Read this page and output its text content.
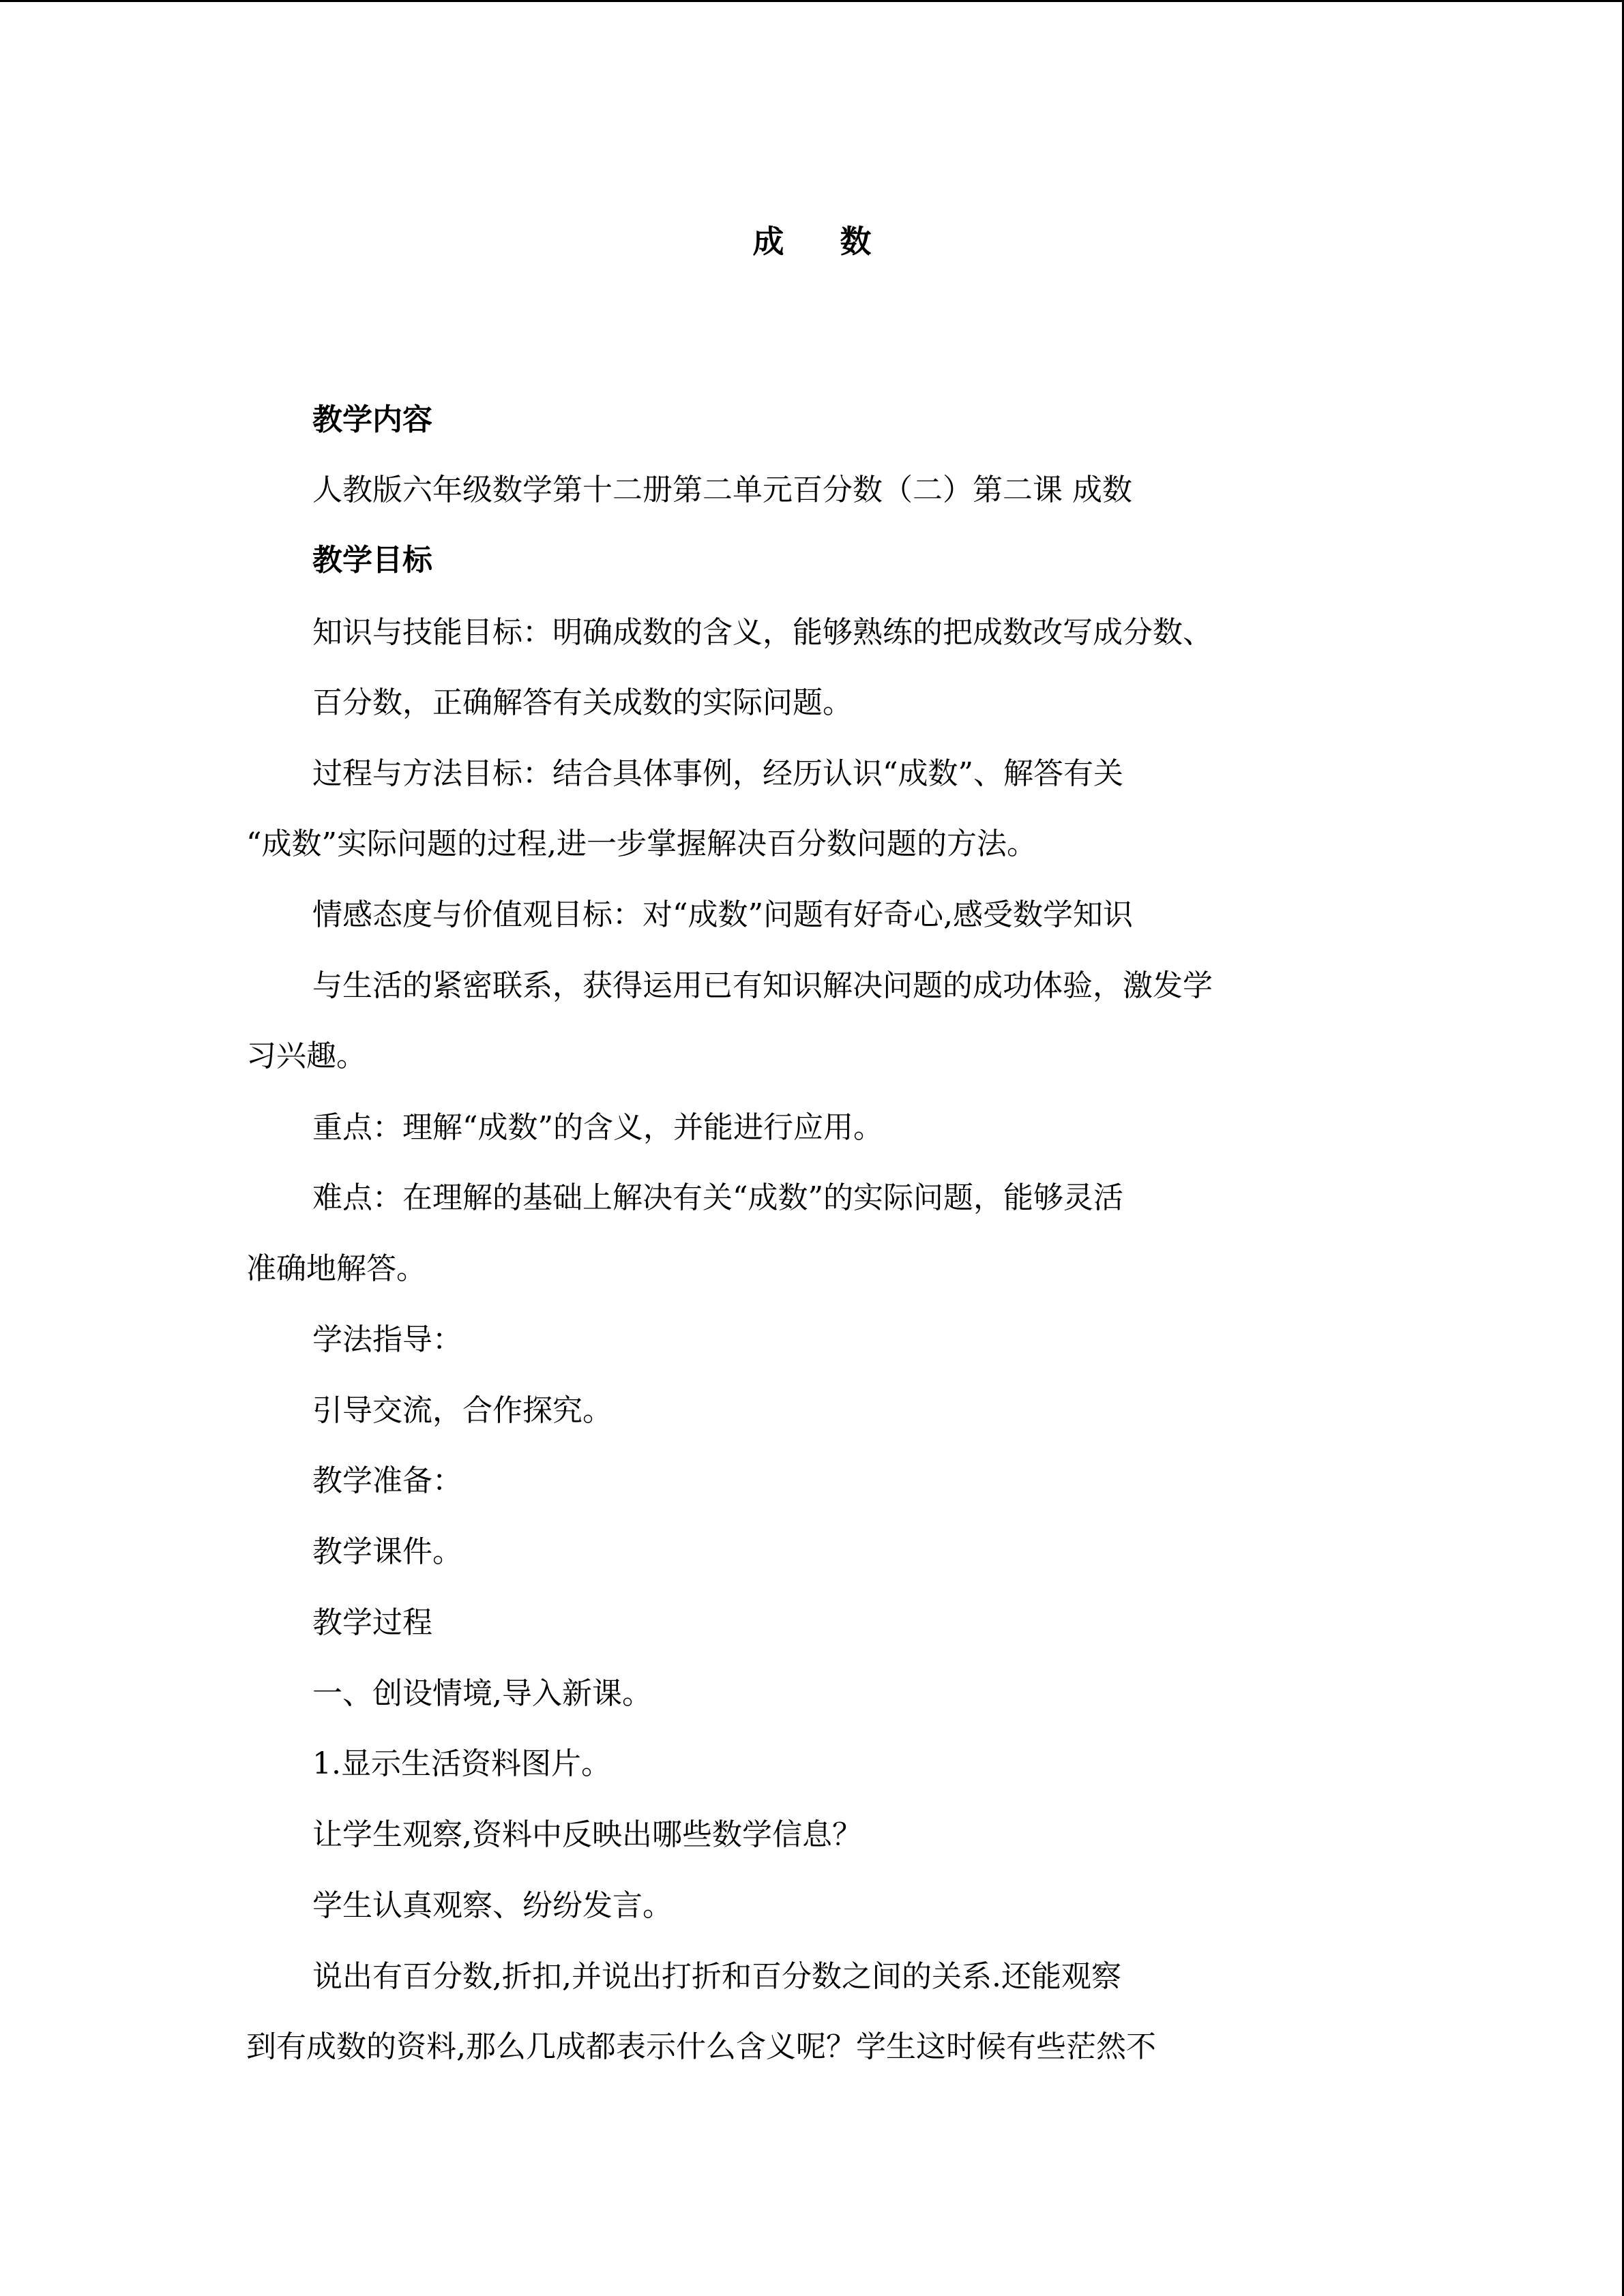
成数
教学内容
人教版六年级数学第十二册第二单元百分数（二）第二课 成数
教学目标
知识与技能目标：明确成数的含义，能够熟练的把成数改写成分数、
百分数，正确解答有关成数的实际问题。
过程与方法目标：结合具体事例，经历认识“成数”、解答有关
“成数”实际问题的过程,进一步掌握解决百分数问题的方法。
情感态度与价值观目标：对“成数”问题有好奇心,感受数学知识
与生活的紧密联系，获得运用已有知识解决问题的成功体验，激发学
习兴趣。
重点：理解“成数”的含义，并能进行应用。
难点：在理解的基础上解决有关“成数”的实际问题，能够灵活
准确地解答。
学法指导：
引导交流，合作探究。
教学准备：
教学课件。
教学过程
一、创设情境,导入新课。
1.显示生活资料图片。
让学生观察,资料中反映出哪些数学信息？
学生认真观察、纷纷发言。
说出有百分数,折扣,并说出打折和百分数之间的关系.还能观察
到有成数的资料,那么几成都表示什么含义呢？学生这时候有些茫然不
